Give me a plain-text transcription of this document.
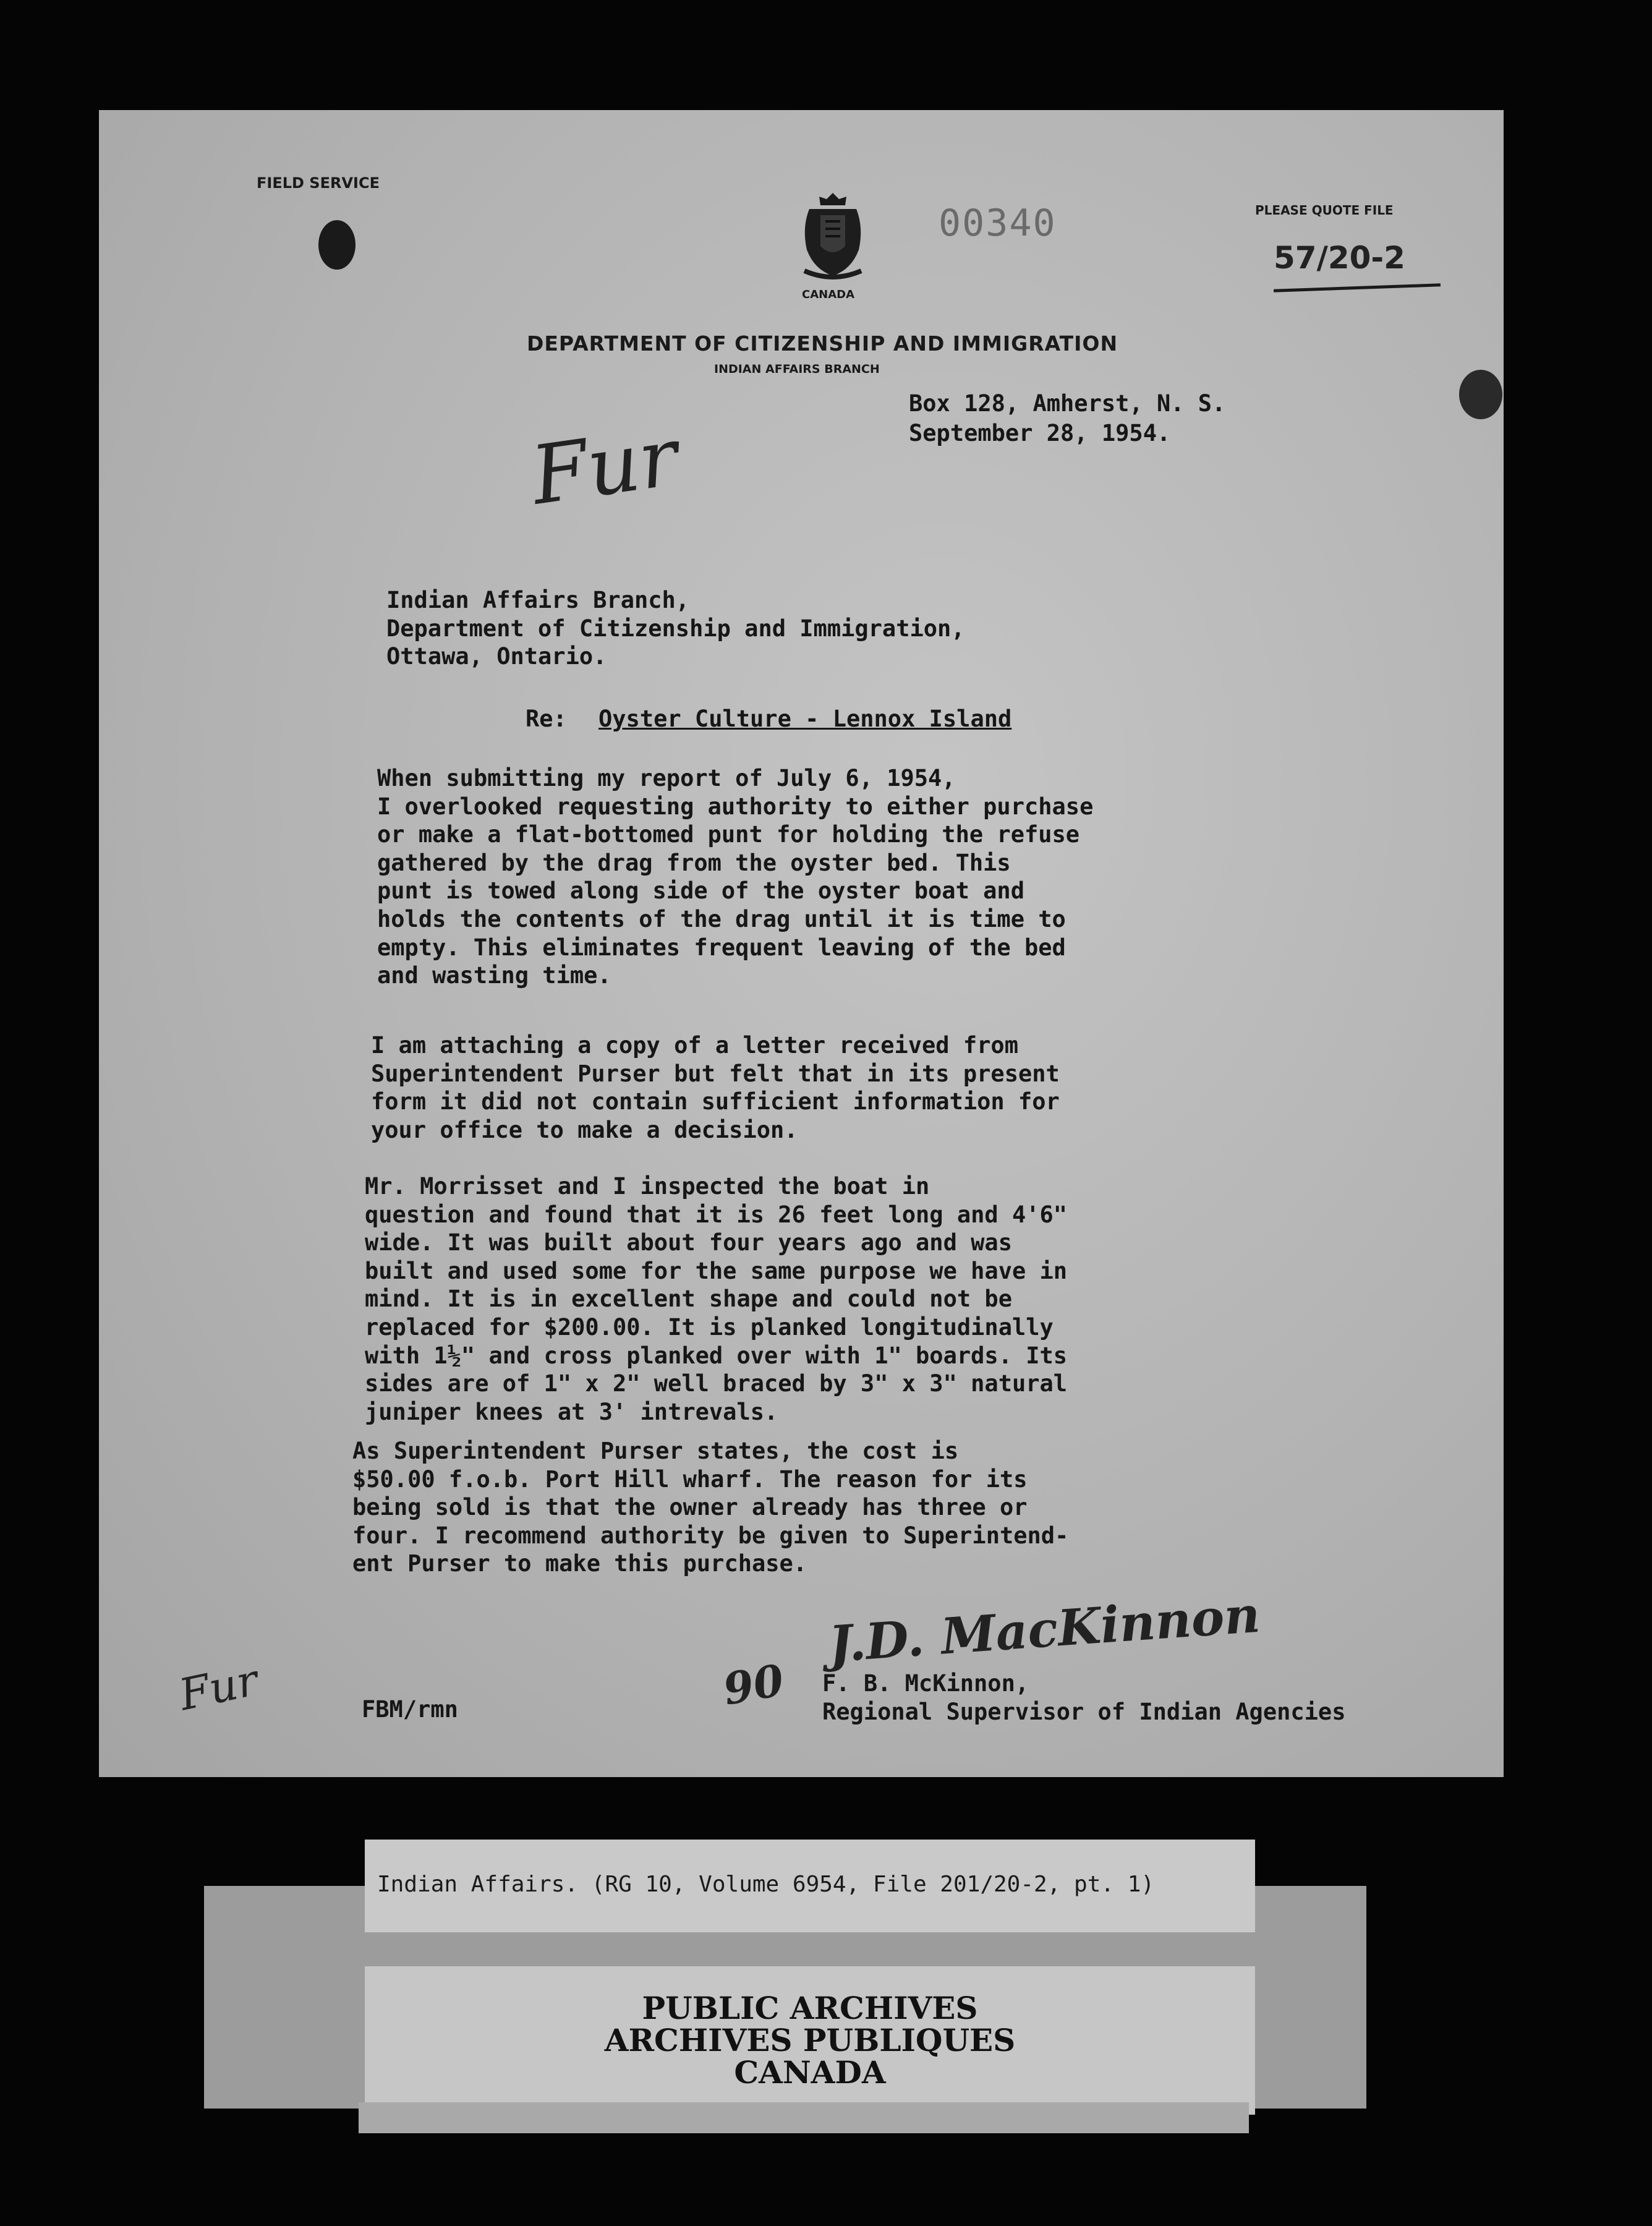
FIELD SERVICE
CANADA
00340	PLEASE QUOTE FILE
57/20-2
DEPARTMENT OF CITIZENSHIP AND IMMIGRATION
INDIAN AFFAIRS BRANCH
Box 128, Amherst, N. S.
September 28, 1954.
Fur
Indian Affairs Branch,
Department of Citizenship and Immigration,
Ottawa, Ontario.
Re: Oyster Culture - Lennox Island
When submitting my report of July 6, 1954,
I overlooked requesting authority to either purchase
or make a flat-bottomed punt for holding the refuse
gathered by the drag from the oyster bed. This
punt is towed along side of the oyster boat and
holds the contents of the drag until it is time to
empty. This eliminates frequent leaving of the bed
and wasting time.
I am attaching a copy of a letter received from
Superintendent Purser but felt that in its present
form it did not contain sufficient information for
your office to make a decision.
Mr. Morrisset and I inspected the boat in
question and found that it is 26 feet long and 4'6"
wide. It was built about four years ago and was
built and used some for the same purpose we have in
mind. It is in excellent shape and could not be
replaced for $200.00. It is planked longitudinally
with 1½" and cross planked over with 1" boards. Its
sides are of 1" x 2" well braced by 3" x 3" natural
juniper knees at 3' intrevals.
As Superintendent Purser states, the cost is
$50.00 f.o.b. Port Hill wharf. The reason for its
being sold is that the owner already has three or
four. I recommend authority be given to Superintend-
ent Purser to make this purchase.
J.D. MacKinnon
F. B. McKinnon,
Regional Supervisor of Indian Agencies
90
Fur	FBM/rmn
Indian Affairs. (RG 10, Volume 6954, File 201/20-2, pt. 1)
PUBLIC ARCHIVES
ARCHIVES PUBLIQUES
CANADA
